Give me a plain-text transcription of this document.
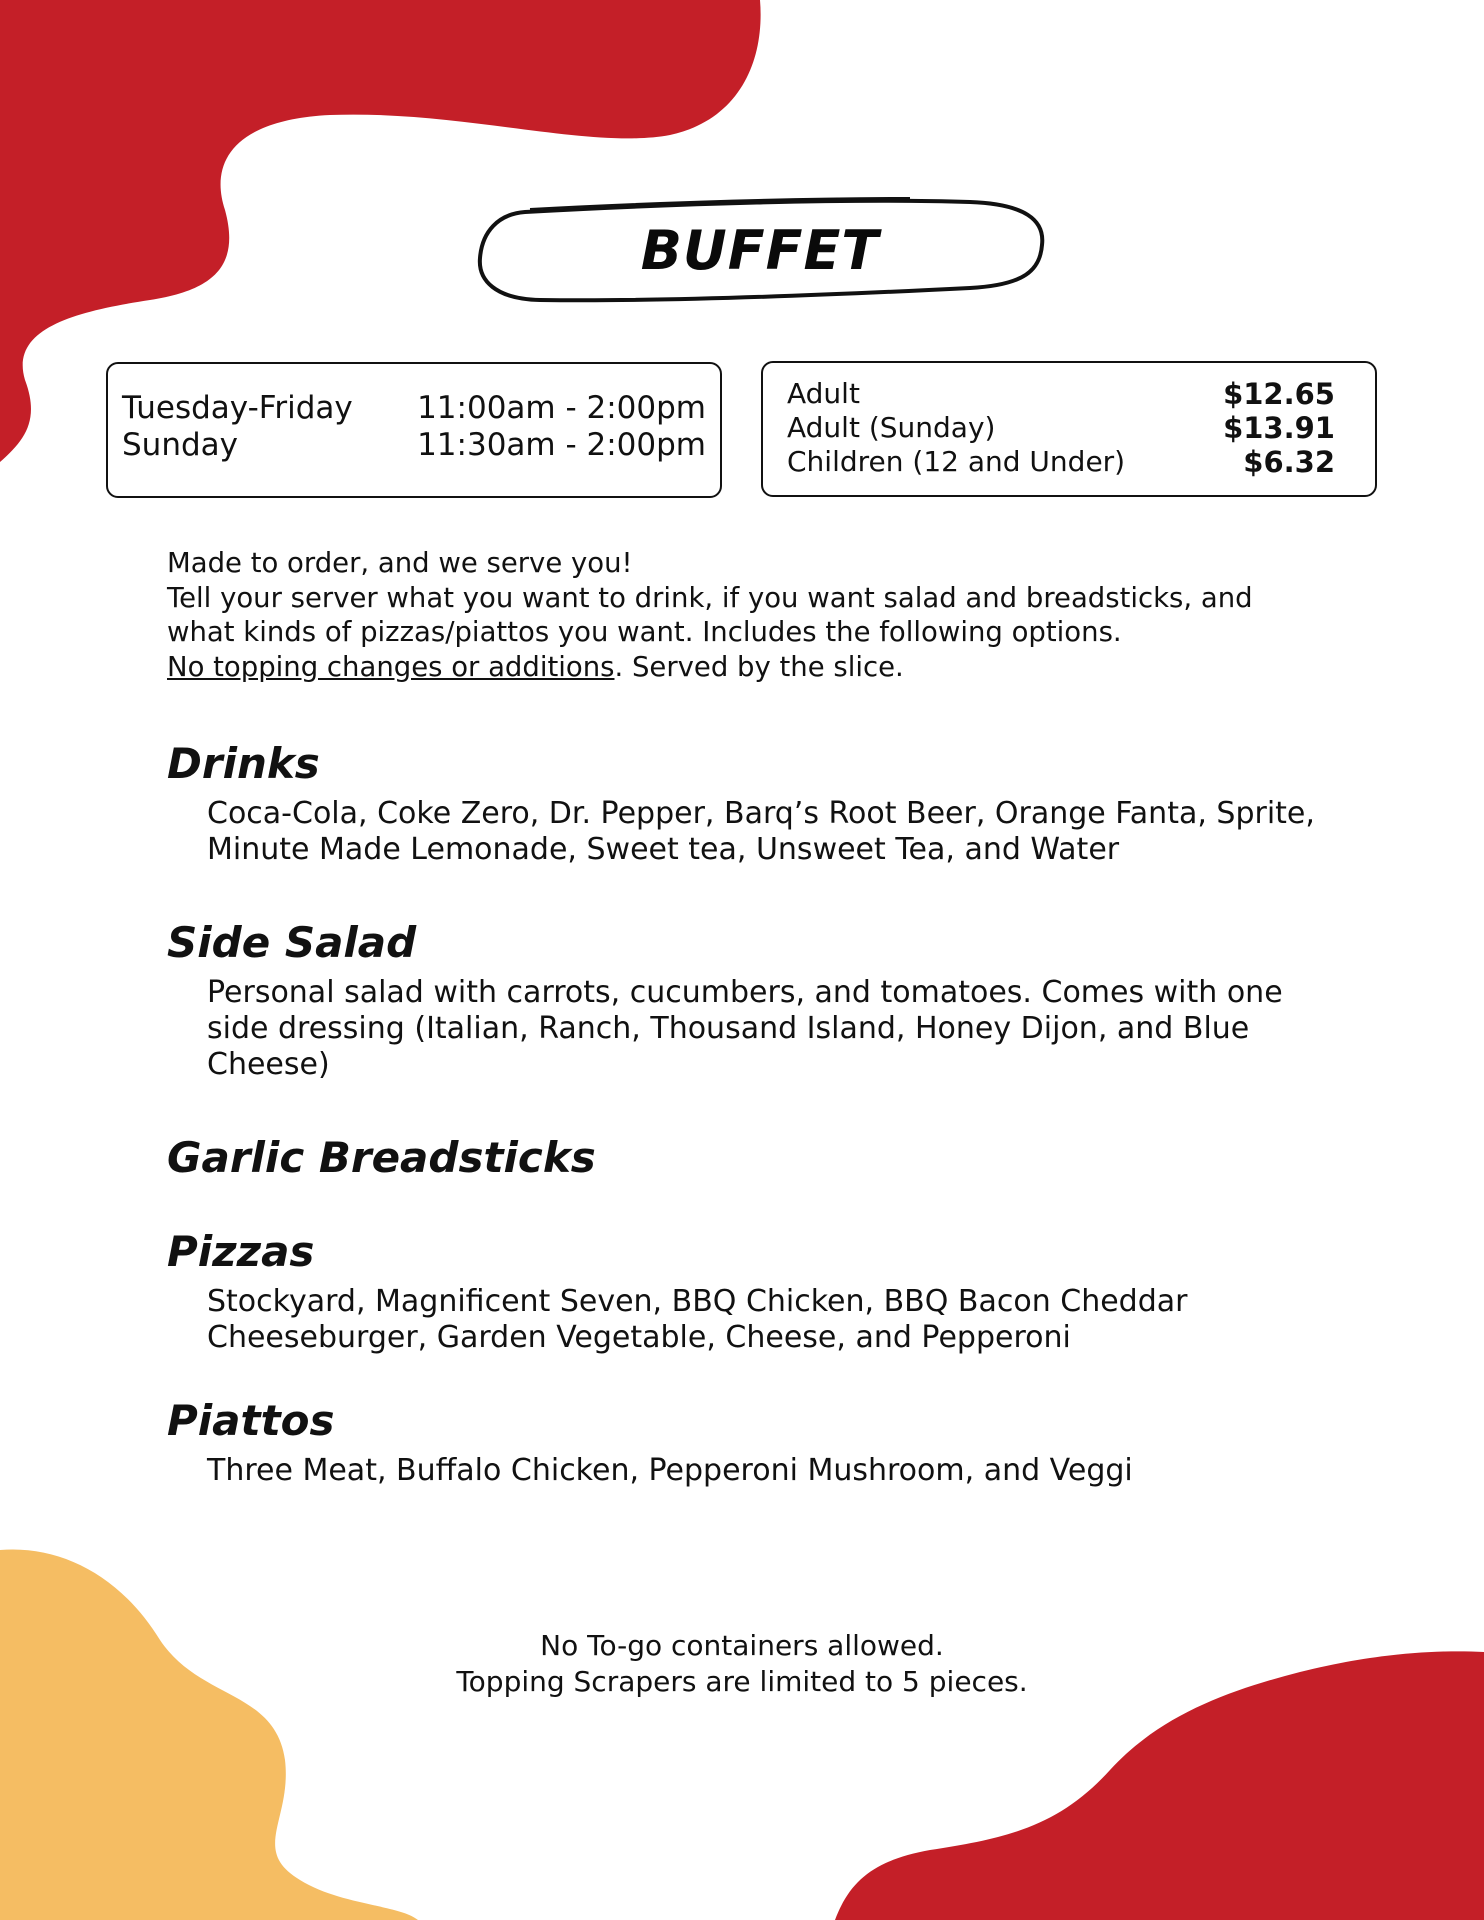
BUFFET
Tuesday-Friday 11:00am - 2:00pm
Sunday	11:30am - 2:00pm
Adult	$12.65
Adult (Sunday)	$13.91
Children (12 and Under)	$6.32

Made to order, and we serve you!

Tell your server what you want to drink, if you want salad and breadsticks, and

what kinds of pizzas/piattos you want. Includes the following options.

No topping changes or additions. Served by the slice.

Drinks
Coca-Cola, Coke Zero, Dr. Pepper, Barq’s Root Beer, Orange Fanta, Sprite, Minute Made Lemonade, Sweet tea, Unsweet Tea, and Water
Side Salad
Personal salad with carrots, cucumbers, and tomatoes. Comes with one side dressing (Italian, Ranch, Thousand Island, Honey Dijon, and Blue Cheese)
Garlic Breadsticks
Pizzas
Stockyard, Magnificent Seven, BBQ Chicken, BBQ Bacon Cheddar Cheeseburger, Garden Vegetable, Cheese, and Pepperoni
Piattos
Three Meat, Buffalo Chicken, Pepperoni Mushroom, and Veggi
No To-go containers allowed.
Topping Scrapers are limited to 5 pieces.
